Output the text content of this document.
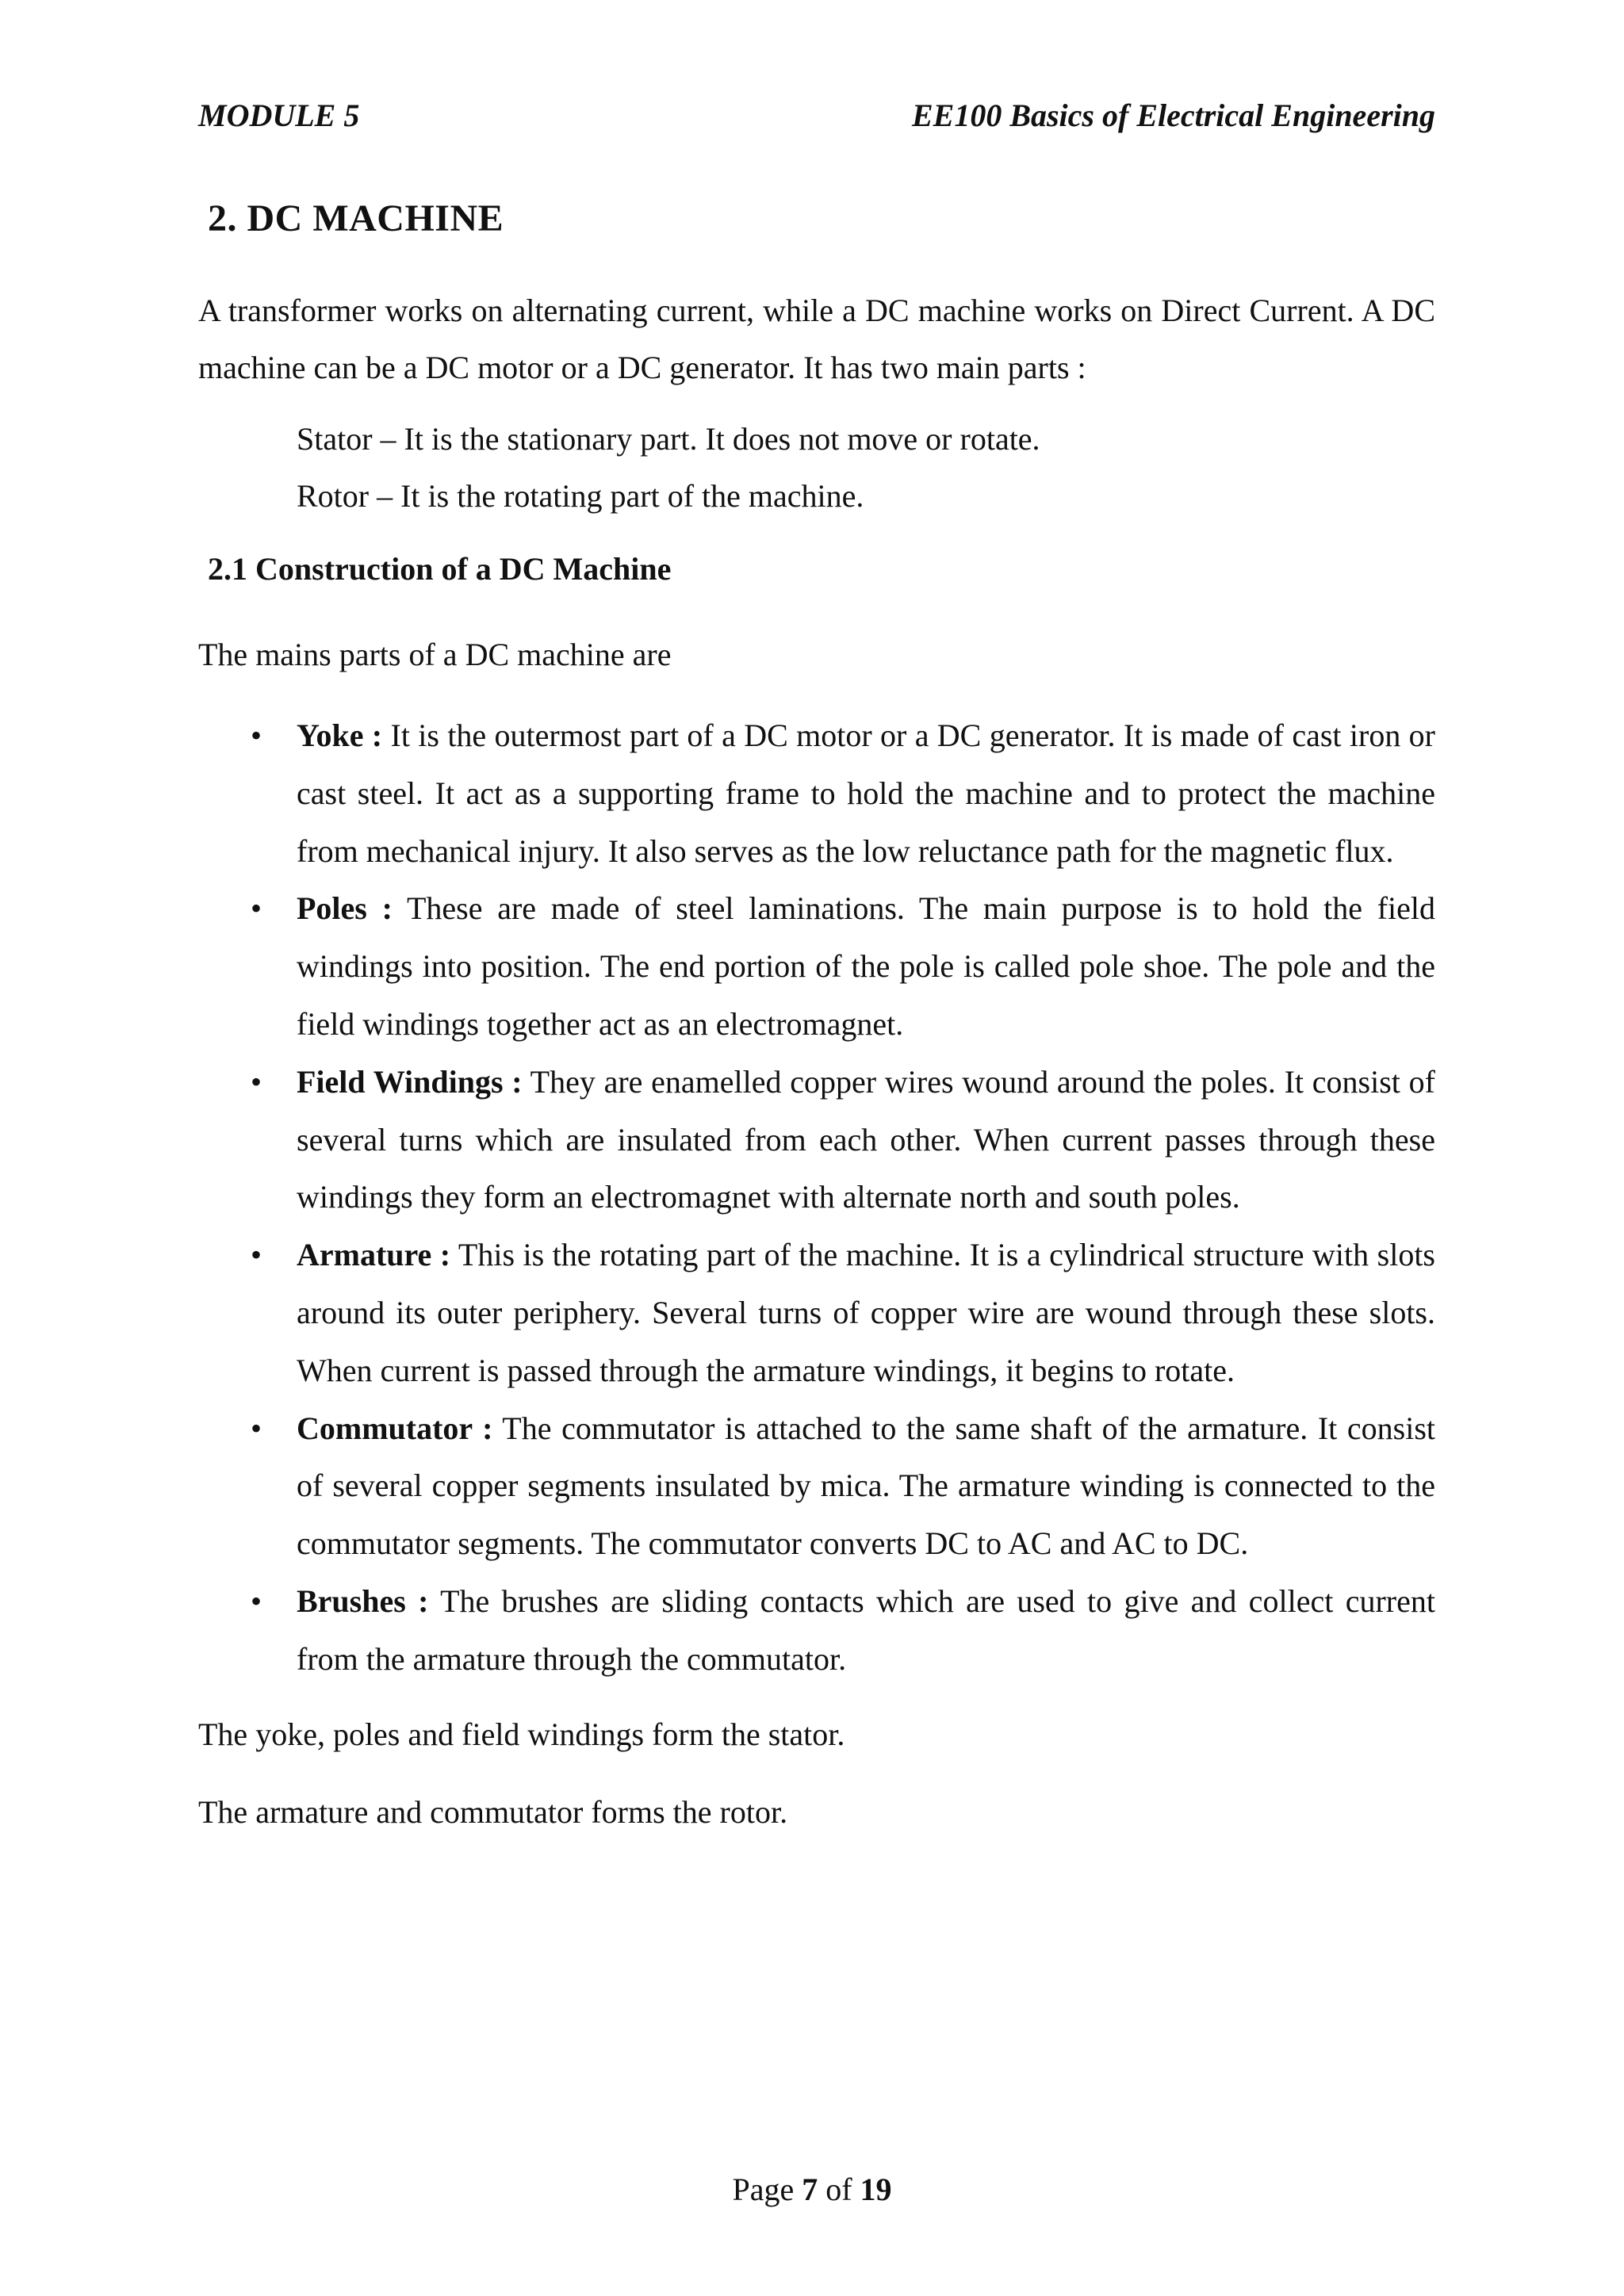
MODULE 5	EE100 Basics of Electrical Engineering
2. DC MACHINE
A transformer works on alternating current, while a DC machine works on Direct Current. A DC machine can be a DC motor or a DC generator. It has two main parts :
Stator – It is the stationary part. It does not move or rotate.
Rotor – It is the rotating part of the machine.
2.1 Construction of a DC Machine
The mains parts of a DC machine are
• Yoke : It is the outermost part of a DC motor or a DC generator. It is made of cast iron or cast steel. It act as a supporting frame to hold the machine and to protect the machine from mechanical injury. It also serves as the low reluctance path for the magnetic flux.
• Poles : These are made of steel laminations. The main purpose is to hold the field windings into position. The end portion of the pole is called pole shoe. The pole and the field windings together act as an electromagnet.
• Field Windings : They are enamelled copper wires wound around the poles. It consist of several turns which are insulated from each other. When current passes through these windings they form an electromagnet with alternate north and south poles.
• Armature : This is the rotating part of the machine. It is a cylindrical structure with slots around its outer periphery. Several turns of copper wire are wound through these slots. When current is passed through the armature windings, it begins to rotate.
• Commutator : The commutator is attached to the same shaft of the armature. It consist of several copper segments insulated by mica. The armature winding is connected to the commutator segments. The commutator converts DC to AC and AC to DC.
• Brushes : The brushes are sliding contacts which are used to give and collect current from the armature through the commutator.
The yoke, poles and field windings form the stator.
The armature and commutator forms the rotor.
Page 7 of 19
